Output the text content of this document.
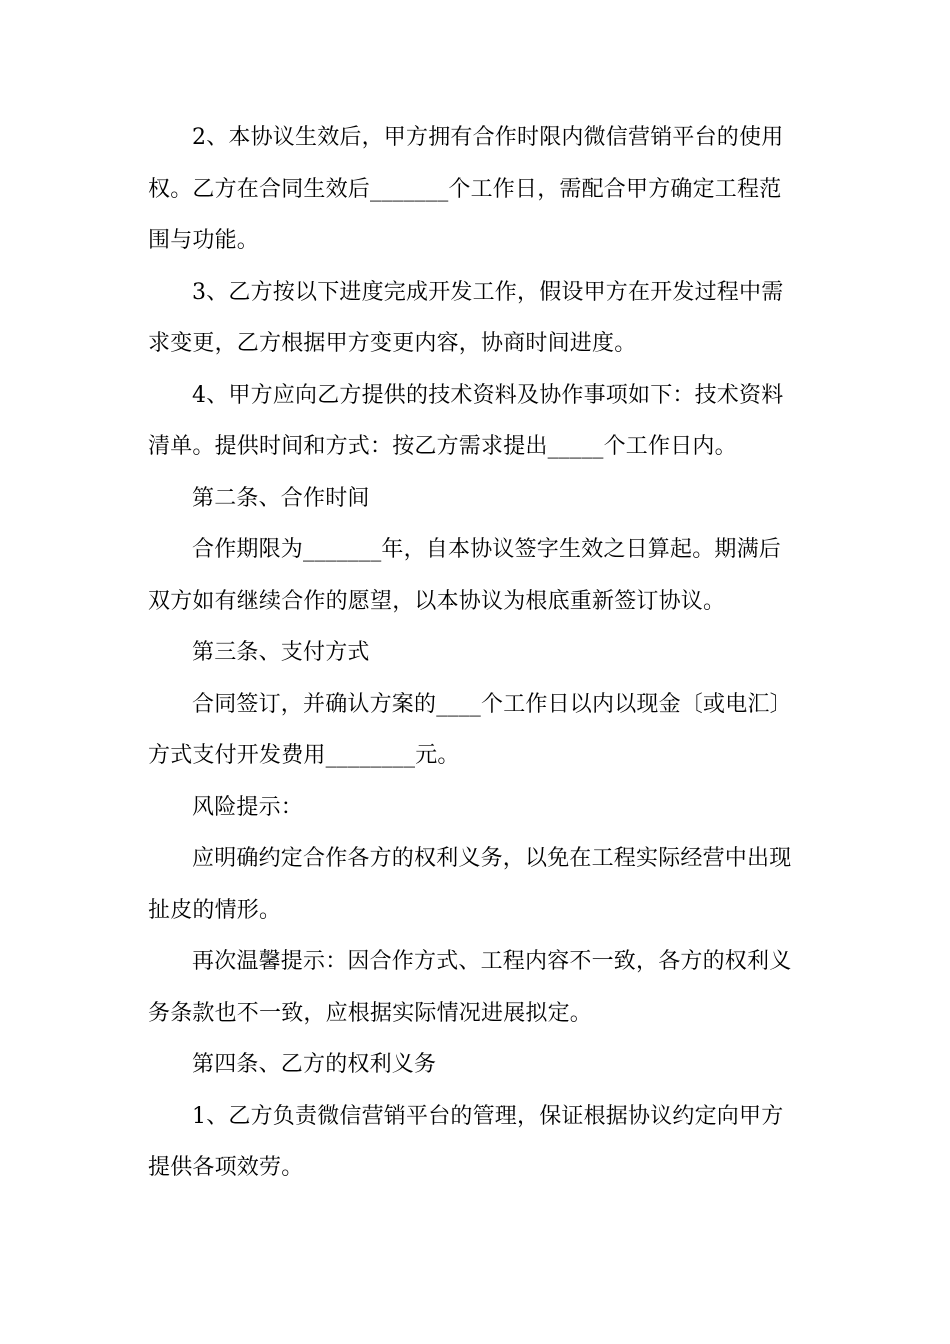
2、本协议生效后，甲方拥有合作时限内微信营销平台的使用权。乙方在合同生效后_______个工作日，需配合甲方确定工程范围与功能。

3、乙方按以下进度完成开发工作，假设甲方在开发过程中需求变更，乙方根据甲方变更内容，协商时间进度。

4、甲方应向乙方提供的技术资料及协作事项如下：技术资料清单。提供时间和方式：按乙方需求提出_____个工作日内。

第二条、合作时间

合作期限为_______年，自本协议签字生效之日算起。期满后双方如有继续合作的愿望，以本协议为根底重新签订协议。

第三条、支付方式

合同签订，并确认方案的____个工作日以内以现金〔或电汇〕方式支付开发费用________元。

风险提示：

应明确约定合作各方的权利义务，以免在工程实际经营中出现扯皮的情形。

再次温馨提示：因合作方式、工程内容不一致，各方的权利义务条款也不一致，应根据实际情况进展拟定。

第四条、乙方的权利义务

1、乙方负责微信营销平台的管理，保证根据协议约定向甲方提供各项效劳。
